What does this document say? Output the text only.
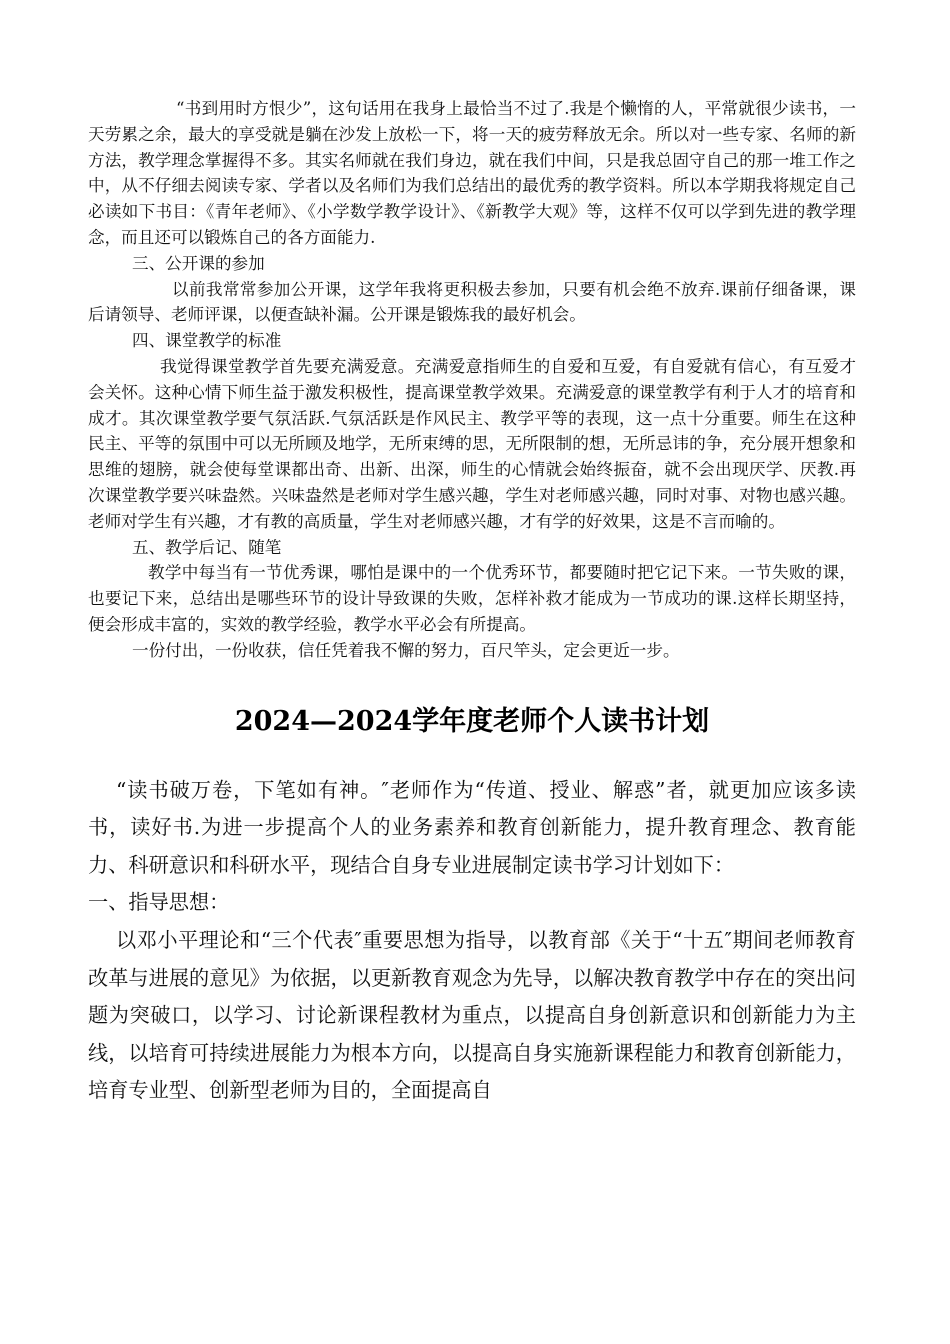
“书到用时方恨少”，这句话用在我身上最恰当不过了.我是个懒惰的人，平常就很少读书，一天劳累之余，最大的享受就是躺在沙发上放松一下，将一天的疲劳释放无余。所以对一些专家、名师的新方法，教学理念掌握得不多。其实名师就在我们身边，就在我们中间，只是我总固守自己的那一堆工作之中，从不仔细去阅读专家、学者以及名师们为我们总结出的最优秀的教学资料。所以本学期我将规定自己必读如下书目：《青年老师》、《小学数学教学设计》、《新教学大观》等，这样不仅可以学到先进的教学理念，而且还可以锻炼自己的各方面能力.

三、公开课的参加

以前我常常参加公开课，这学年我将更积极去参加，只要有机会绝不放弃.课前仔细备课，课后请领导、老师评课，以便查缺补漏。公开课是锻炼我的最好机会。

四、课堂教学的标准

我觉得课堂教学首先要充满爱意。充满爱意指师生的自爱和互爱，有自爱就有信心，有互爱才会关怀。这种心情下师生益于激发积极性，提高课堂教学效果。充满爱意的课堂教学有利于人才的培育和成才。其次课堂教学要气氛活跃.气氛活跃是作风民主、教学平等的表现，这一点十分重要。师生在这种民主、平等的氛围中可以无所顾及地学，无所束缚的思，无所限制的想，无所忌讳的争，充分展开想象和思维的翅膀，就会使每堂课都出奇、出新、出深，师生的心情就会始终振奋，就不会出现厌学、厌教.再次课堂教学要兴味盎然。兴味盎然是老师对学生感兴趣，学生对老师感兴趣，同时对事、对物也感兴趣。老师对学生有兴趣，才有教的高质量，学生对老师感兴趣，才有学的好效果，这是不言而喻的。

五、教学后记、随笔

教学中每当有一节优秀课，哪怕是课中的一个优秀环节，都要随时把它记下来。一节失败的课，也要记下来，总结出是哪些环节的设计导致课的失败，怎样补救才能成为一节成功的课.这样长期坚持，便会形成丰富的，实效的教学经验，教学水平必会有所提高。

一份付出，一份收获，信任凭着我不懈的努力，百尺竿头，定会更近一步。

2024—2024学年度老师个人读书计划

“读书破万卷，下笔如有神。″老师作为“传道、授业、解惑”者，就更加应该多读书，读好书.为进一步提高个人的业务素养和教育创新能力，提升教育理念、教育能力、科研意识和科研水平，现结合自身专业进展制定读书学习计划如下：

一、指导思想：

以邓小平理论和“三个代表″重要思想为指导，以教育部《关于“十五″期间老师教育改革与进展的意见》为依据，以更新教育观念为先导，以解决教育教学中存在的突出问题为突破口，以学习、讨论新课程教材为重点，以提高自身创新意识和创新能力为主线，以培育可持续进展能力为根本方向，以提高自身实施新课程能力和教育创新能力，培育专业型、创新型老师为目的，全面提高自
